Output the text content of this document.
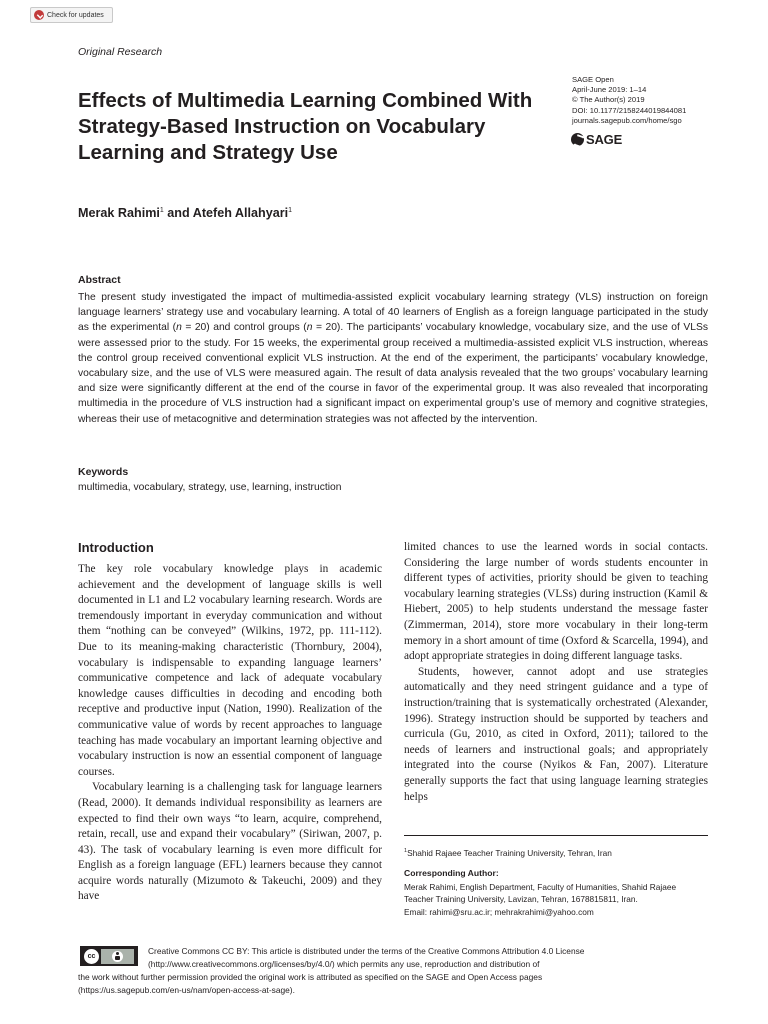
Check for updates
Original Research
Effects of Multimedia Learning Combined With Strategy-Based Instruction on Vocabulary Learning and Strategy Use
SAGE Open
April-June 2019: 1–14
© The Author(s) 2019
DOI: 10.1177/2158244019844081
journals.sagepub.com/home/sgo
SAGE
Merak Rahimi$^1$ and Atefeh Allahyari$^1$
Abstract

The present study investigated the impact of multimedia-assisted explicit vocabulary learning strategy (VLS) instruction on foreign language learners’ strategy use and vocabulary learning. A total of 40 learners of English as a foreign language participated in the study as the experimental (n = 20) and control groups (n = 20). The participants’ vocabulary knowledge, vocabulary size, and the use of VLSs were assessed prior to the study. For 15 weeks, the experimental group received a multimedia-assisted explicit VLS instruction, whereas the control group received conventional explicit VLS instruction. At the end of the experiment, the participants’ vocabulary knowledge, vocabulary size, and the use of VLS were measured again. The result of data analysis revealed that the two groups’ vocabulary learning and size were significantly different at the end of the course in favor of the experimental group. It was also revealed that incorporating multimedia in the procedure of VLS instruction had a significant impact on experimental group’s use of memory and cognitive strategies, whereas their use of metacognitive and determination strategies was not affected by the intervention.

Keywords
multimedia, vocabulary, strategy, use, learning, instruction
Introduction

The key role vocabulary knowledge plays in academic achievement and the development of language skills is well documented in L1 and L2 vocabulary learning research. Words are tremendously important in everyday communication and without them “nothing can be conveyed” (Wilkins, 1972, pp. 111-112). Due to its meaning-making characteristic (Thornbury, 2004), vocabulary is indispensable to expanding language learners’ communicative competence and lack of adequate vocabulary knowledge causes difficulties in decoding and encoding both receptive and productive input (Nation, 1990). Realization of the communicative value of words by recent approaches to language teaching has made vocabulary an important learning objective and vocabulary instruction is now an essential component of language courses.

Vocabulary learning is a challenging task for language learners (Read, 2000). It demands individual responsibility as learners are expected to find their own ways “to learn, acquire, comprehend, retain, recall, use and expand their vocabulary” (Siriwan, 2007, p. 43). The task of vocabulary learning is even more difficult for English as a foreign language (EFL) learners because they cannot acquire words naturally (Mizumoto & Takeuchi, 2009) and they have

limited chances to use the learned words in social contacts. Considering the large number of words students encounter in different types of activities, priority should be given to teaching vocabulary learning strategies (VLSs) during instruction (Kamil & Hiebert, 2005) to help students understand the message faster (Zimmerman, 2014), store more vocabulary in their long-term memory in a short amount of time (Oxford & Scarcella, 1994), and adopt appropriate strategies in doing different language tasks.

Students, however, cannot adopt and use strategies automatically and they need stringent guidance and a type of instruction/training that is systematically orchestrated (Alexander, 1996). Strategy instruction should be supported by teachers and curricula (Gu, 2010, as cited in Oxford, 2011); tailored to the needs of learners and instructional goals; and appropriately integrated into the course (Nyikos & Fan, 2007). Literature generally supports the fact that using language learning strategies helps

$^1$Shahid Rajaee Teacher Training University, Tehran, Iran
Corresponding Author:
Merak Rahimi, English Department, Faculty of Humanities, Shahid Rajaee
Teacher Training University, Lavizan, Tehran, 1678815811, Iran.
Email: rahimi@sru.ac.ir; mehrakrahimi@yahoo.com
cc	Creative Commons CC BY: This article is distributed under the terms of the Creative Commons Attribution 4.0 License
(http://www.creativecommons.org/licenses/by/4.0/) which permits any use, reproduction and distribution of
the work without further permission provided the original work is attributed as specified on the SAGE and Open Access pages
(https://us.sagepub.com/en-us/nam/open-access-at-sage).
